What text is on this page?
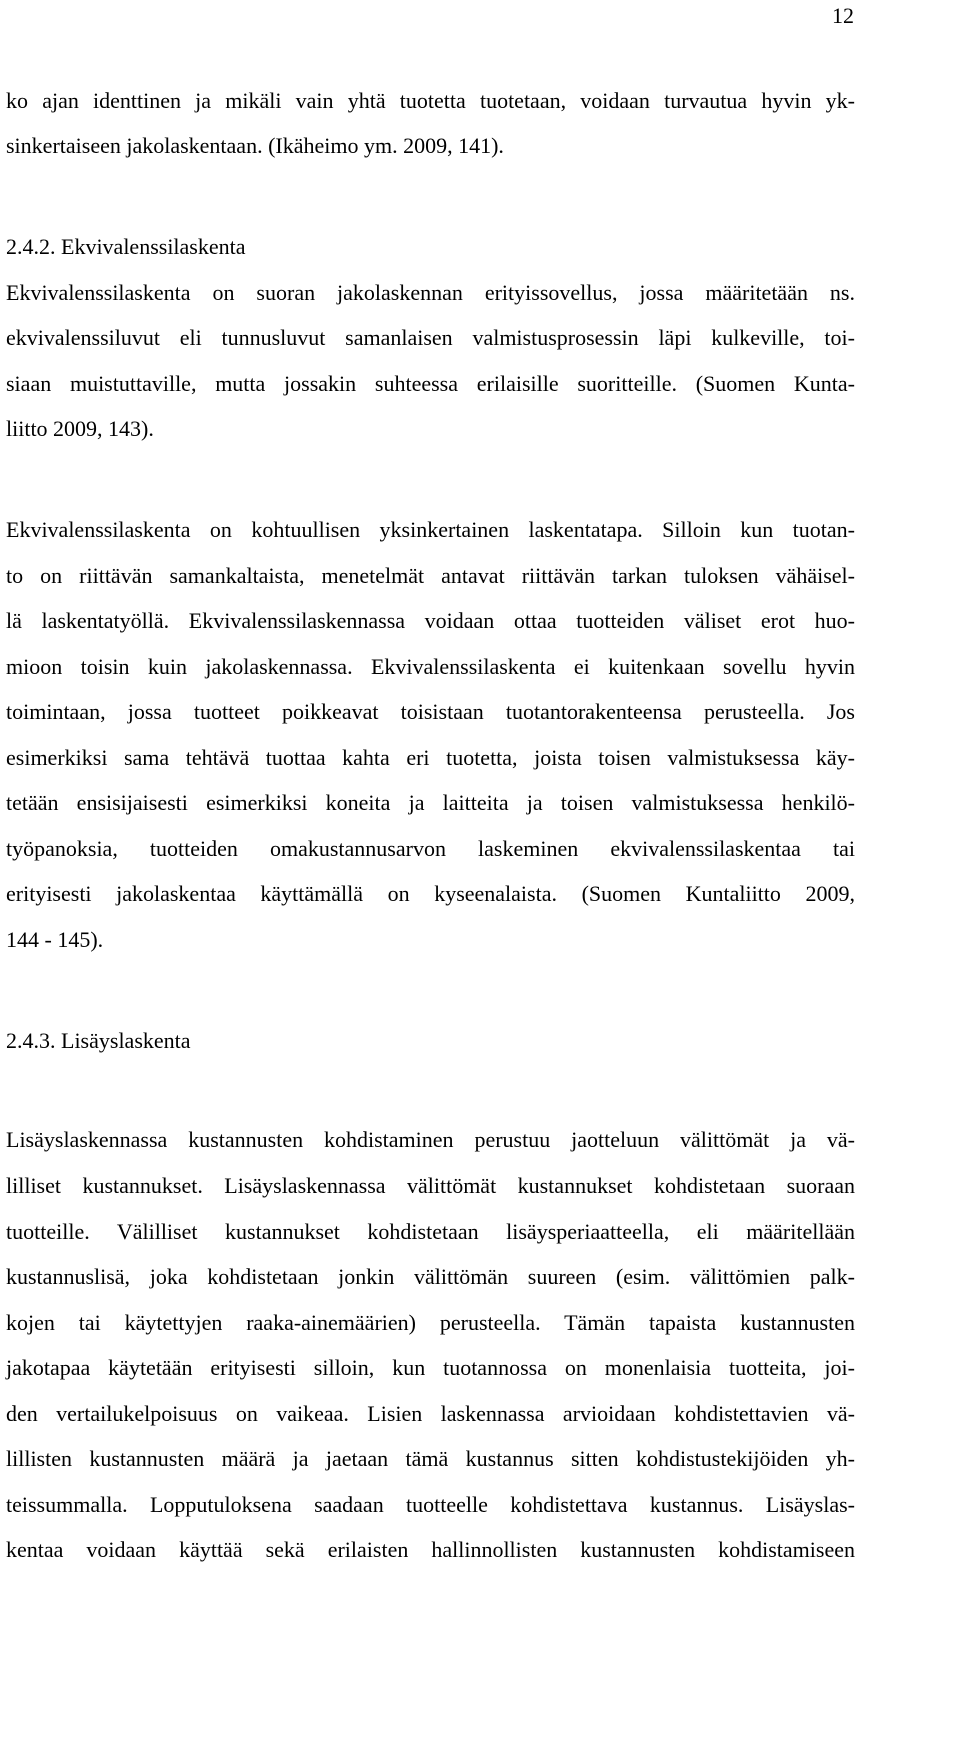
12
ko ajan identtinen ja mikäli vain yhtä tuotetta tuotetaan, voidaan turvautua hyvin yk-
sinkertaiseen jakolaskentaan. (Ikäheimo ym. 2009, 141).
2.4.2. Ekvivalenssilaskenta
Ekvivalenssilaskenta on suoran jakolaskennan erityissovellus, jossa määritetään ns.
ekvivalenssiluvut eli tunnusluvut samanlaisen valmistusprosessin läpi kulkeville, toi-
siaan muistuttaville, mutta jossakin suhteessa erilaisille suoritteille. (Suomen Kunta-
liitto 2009, 143).
Ekvivalenssilaskenta on kohtuullisen yksinkertainen laskentatapa. Silloin kun tuotan-
to on riittävän samankaltaista, menetelmät antavat riittävän tarkan tuloksen vähäisel-
lä laskentatyöllä. Ekvivalenssilaskennassa voidaan ottaa tuotteiden väliset erot huo-
mioon toisin kuin jakolaskennassa. Ekvivalenssilaskenta ei kuitenkaan sovellu hyvin
toimintaan, jossa tuotteet poikkeavat toisistaan tuotantorakenteensa perusteella. Jos
esimerkiksi sama tehtävä tuottaa kahta eri tuotetta, joista toisen valmistuksessa käy-
tetään ensisijaisesti esimerkiksi koneita ja laitteita ja toisen valmistuksessa henkilö-
työpanoksia, tuotteiden omakustannusarvon laskeminen ekvivalenssilaskentaa tai
erityisesti jakolaskentaa käyttämällä on kyseenalaista. (Suomen Kuntaliitto 2009,
144 - 145).
2.4.3. Lisäyslaskenta
Lisäyslaskennassa kustannusten kohdistaminen perustuu jaotteluun välittömät ja vä-
lilliset kustannukset. Lisäyslaskennassa välittömät kustannukset kohdistetaan suoraan
tuotteille. Välilliset kustannukset kohdistetaan lisäysperiaatteella, eli määritellään
kustannuslisä, joka kohdistetaan jonkin välittömän suureen (esim. välittömien palk-
kojen tai käytettyjen raaka-ainemäärien) perusteella. Tämän tapaista kustannusten
jakotapaa käytetään erityisesti silloin, kun tuotannossa on monenlaisia tuotteita, joi-
den vertailukelpoisuus on vaikeaa. Lisien laskennassa arvioidaan kohdistettavien vä-
lillisten kustannusten määrä ja jaetaan tämä kustannus sitten kohdistustekijöiden yh-
teissummalla. Lopputuloksena saadaan tuotteelle kohdistettava kustannus. Lisäyslas-
kentaa voidaan käyttää sekä erilaisten hallinnollisten kustannusten kohdistamiseen
